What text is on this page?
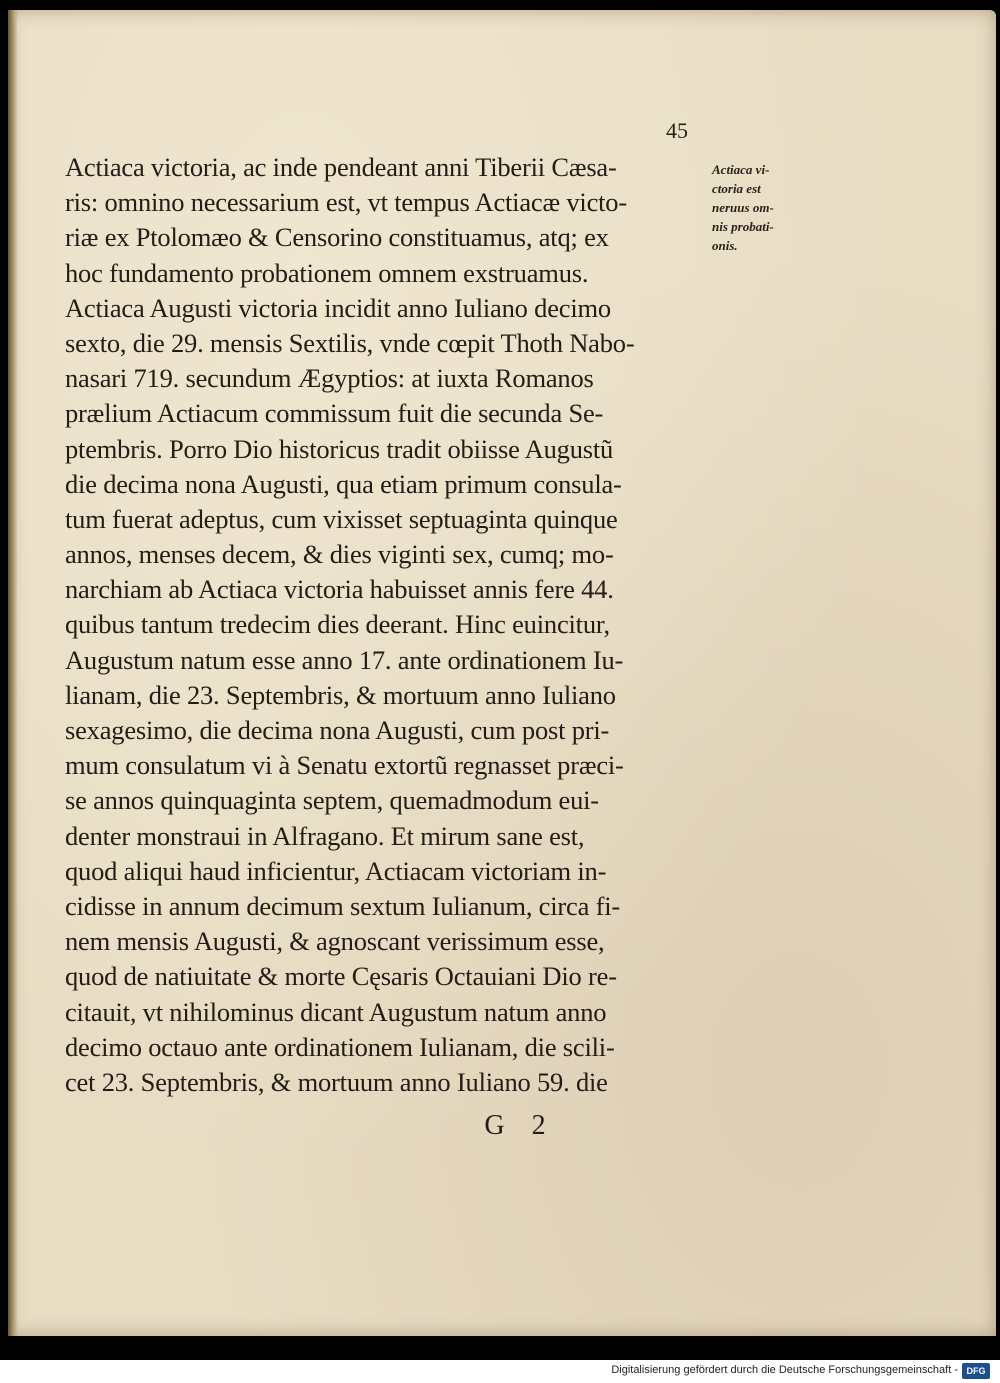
45
Actiaca victoria, ac inde pendeant anni Tiberii Cæsa-
ris: omnino necessarium est, vt tempus Actiacæ victo-
riæ ex Ptolomæo & Censorino constituamus, atq; ex
hoc fundamento probationem omnem exstruamus.
Actiaca Augusti victoria incidit anno Iuliano decimo
sexto, die 29. mensis Sextilis, vnde cœpit Thoth Nabo-
nasari 719. secundum Ægyptios: at iuxta Romanos
prælium Actiacum commissum fuit die secunda Se-
ptembris. Porro Dio historicus tradit obiisse Augustũ
die decima nona Augusti, qua etiam primum consula-
tum fuerat adeptus, cum vixisset septuaginta quinque
annos, menses decem, & dies viginti sex, cumq; mo-
narchiam ab Actiaca victoria habuisset annis fere 44.
quibus tantum tredecim dies deerant. Hinc euincitur,
Augustum natum esse anno 17. ante ordinationem Iu-
lianam, die 23. Septembris, & mortuum anno Iuliano
sexagesimo, die decima nona Augusti, cum post pri-
mum consulatum vi à Senatu extortũ regnasset præci-
se annos quinquaginta septem, quemadmodum eui-
denter monstraui in Alfragano. Et mirum sane est,
quod aliqui haud inficientur, Actiacam victoriam in-
cidisse in annum decimum sextum Iulianum, circa fi-
nem mensis Augusti, & agnoscant verissimum esse,
quod de natiuitate & morte Cęsaris Octauiani Dio re-
citauit, vt nihilominus dicant Augustum natum anno
decimo octauo ante ordinationem Iulianam, die scili-
cet 23. Septembris, & mortuum anno Iuliano 59. die
Actiaca vi-
ctoria est
neruus om-
nis probati-
onis.
G 2
Digitalisierung gefördert durch die Deutsche Forschungsgemeinschaft - DFG
